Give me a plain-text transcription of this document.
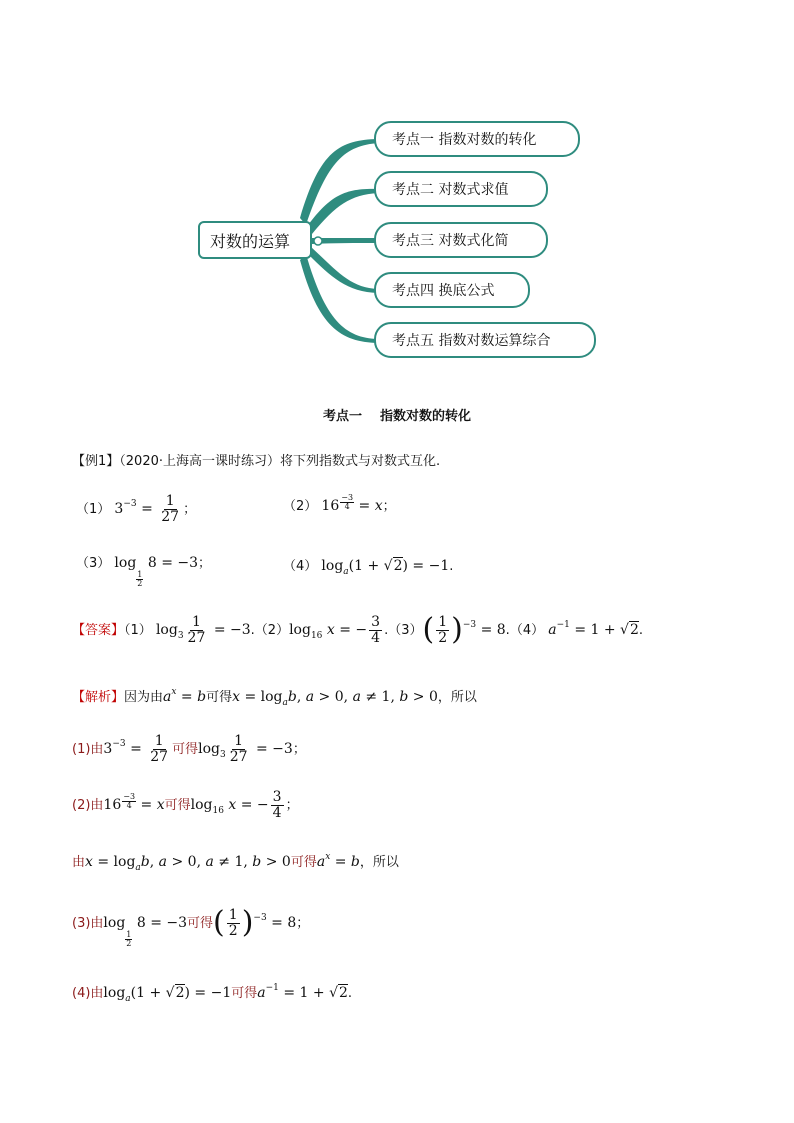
对数的运算
考点一 指数对数的转化
考点二 对数式求值
考点三 对数式化简
考点四 换底公式
考点五 指数对数运算综合
考点一 指数对数的转化
【例1】（2020·上海高一课时练习）将下列指数式与对数式互化.
（1） $3^{-3} = \frac{1}{27}$ ；	（2） $16 \frac{-3}{4} = x$；
（3） log
$\frac{1}{2}$
8 = −3；	（4） $\log_a(1 + √2) = -1$.
【答案】（1） $\log_3 \frac{1}{27} = -3.(2)\log_{16}$ x = − $\frac{3}{4} .(3)( \frac{1}{2} )^{-3} = 8.(4) a^{-1} = 1 + √2$.
【解析】因为由$a^x = b$可得$x = \log_ab$, a > 0, a ≠ 1, b > 0，所以
(1)由$3^{-3} = \frac{1}{27}$ 可得$\log_3 \frac{1}{27} = -3$；
(2)由$16 \frac{-3}{4} = x$可得$\log_{16} x$ = − $\frac{3}{4}$ ；
由$x = \log_ab$, a > 0, a ≠ 1, b > 0可得$a^x = b$，所以
(3)由log
$\frac{1}{2}$
8 = −3可得( $\frac{1}{2} )^{-3} = 8$；
(4)由$\log_a(1 + √2) = -1$可得$a^{-1} = 1 + √2$.
